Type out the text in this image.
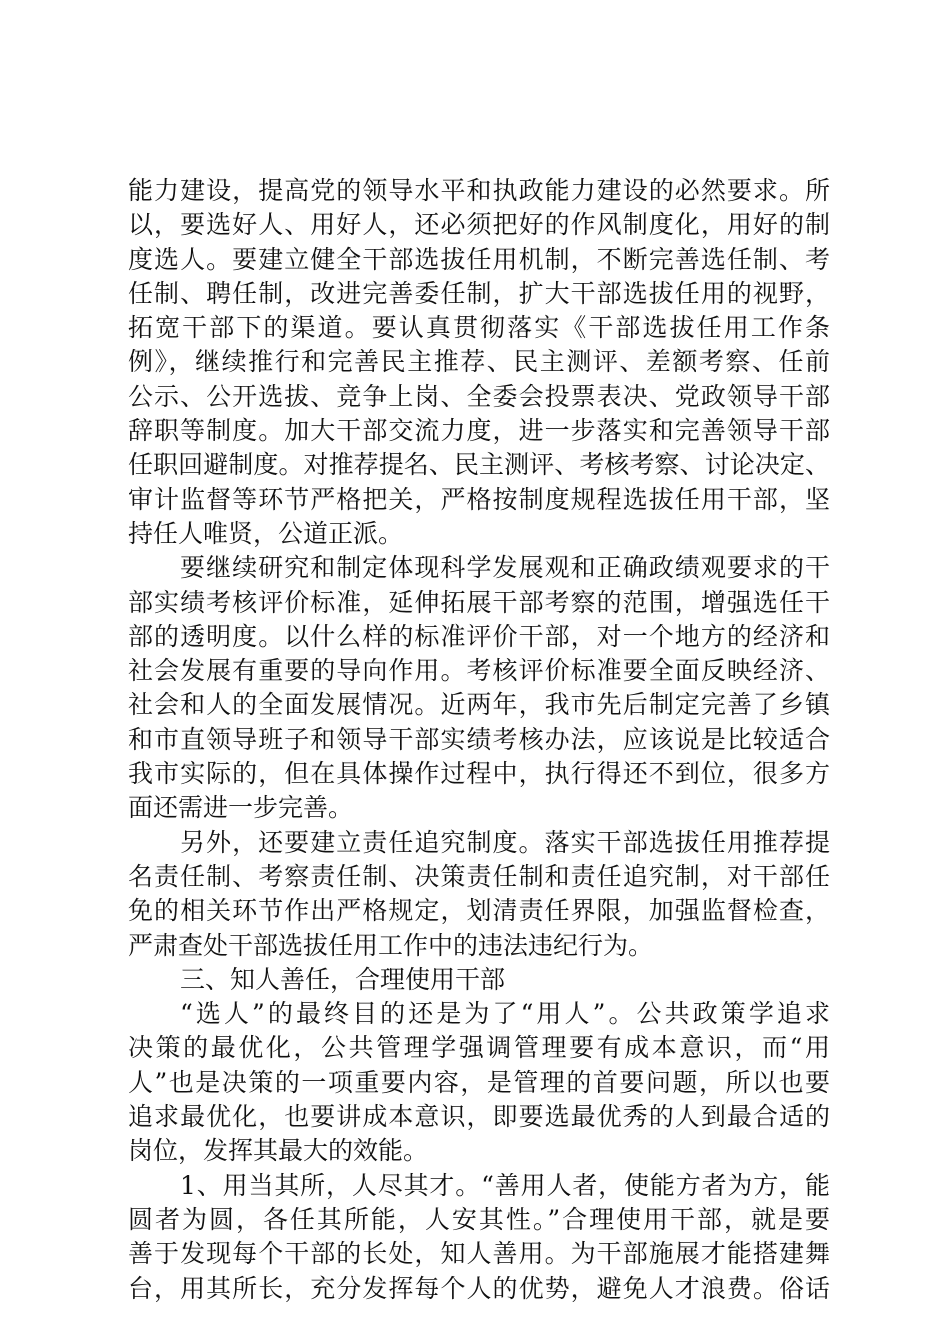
能力建设，提高党的领导水平和执政能力建设的必然要求。所
以，要选好人、用好人，还必须把好的作风制度化，用好的制
度选人。要建立健全干部选拔任用机制，不断完善选任制、考
任制、聘任制，改进完善委任制，扩大干部选拔任用的视野，
拓宽干部下的渠道。要认真贯彻落实《干部选拔任用工作条
例》，继续推行和完善民主推荐、民主测评、差额考察、任前
公示、公开选拔、竞争上岗、全委会投票表决、党政领导干部
辞职等制度。加大干部交流力度，进一步落实和完善领导干部
任职回避制度。对推荐提名、民主测评、考核考察、讨论决定、
审计监督等环节严格把关，严格按制度规程选拔任用干部，坚
持任人唯贤，公道正派。
要继续研究和制定体现科学发展观和正确政绩观要求的干
部实绩考核评价标准，延伸拓展干部考察的范围，增强选任干
部的透明度。以什么样的标准评价干部，对一个地方的经济和
社会发展有重要的导向作用。考核评价标准要全面反映经济、
社会和人的全面发展情况。近两年，我市先后制定完善了乡镇
和市直领导班子和领导干部实绩考核办法，应该说是比较适合
我市实际的，但在具体操作过程中，执行得还不到位，很多方
面还需进一步完善。
另外，还要建立责任追究制度。落实干部选拔任用推荐提
名责任制、考察责任制、决策责任制和责任追究制，对干部任
免的相关环节作出严格规定，划清责任界限，加强监督检查，
严肃查处干部选拔任用工作中的违法违纪行为。
三、知人善任，合理使用干部
“选人”的最终目的还是为了“用人”。公共政策学追求
决策的最优化，公共管理学强调管理要有成本意识，而“用
人”也是决策的一项重要内容，是管理的首要问题，所以也要
追求最优化，也要讲成本意识，即要选最优秀的人到最合适的
岗位，发挥其最大的效能。
1、用当其所，人尽其才。“善用人者，使能方者为方，能
圆者为圆，各任其所能，人安其性。”合理使用干部，就是要
善于发现每个干部的长处，知人善用。为干部施展才能搭建舞
台，用其所长，充分发挥每个人的优势，避免人才浪费。俗话
